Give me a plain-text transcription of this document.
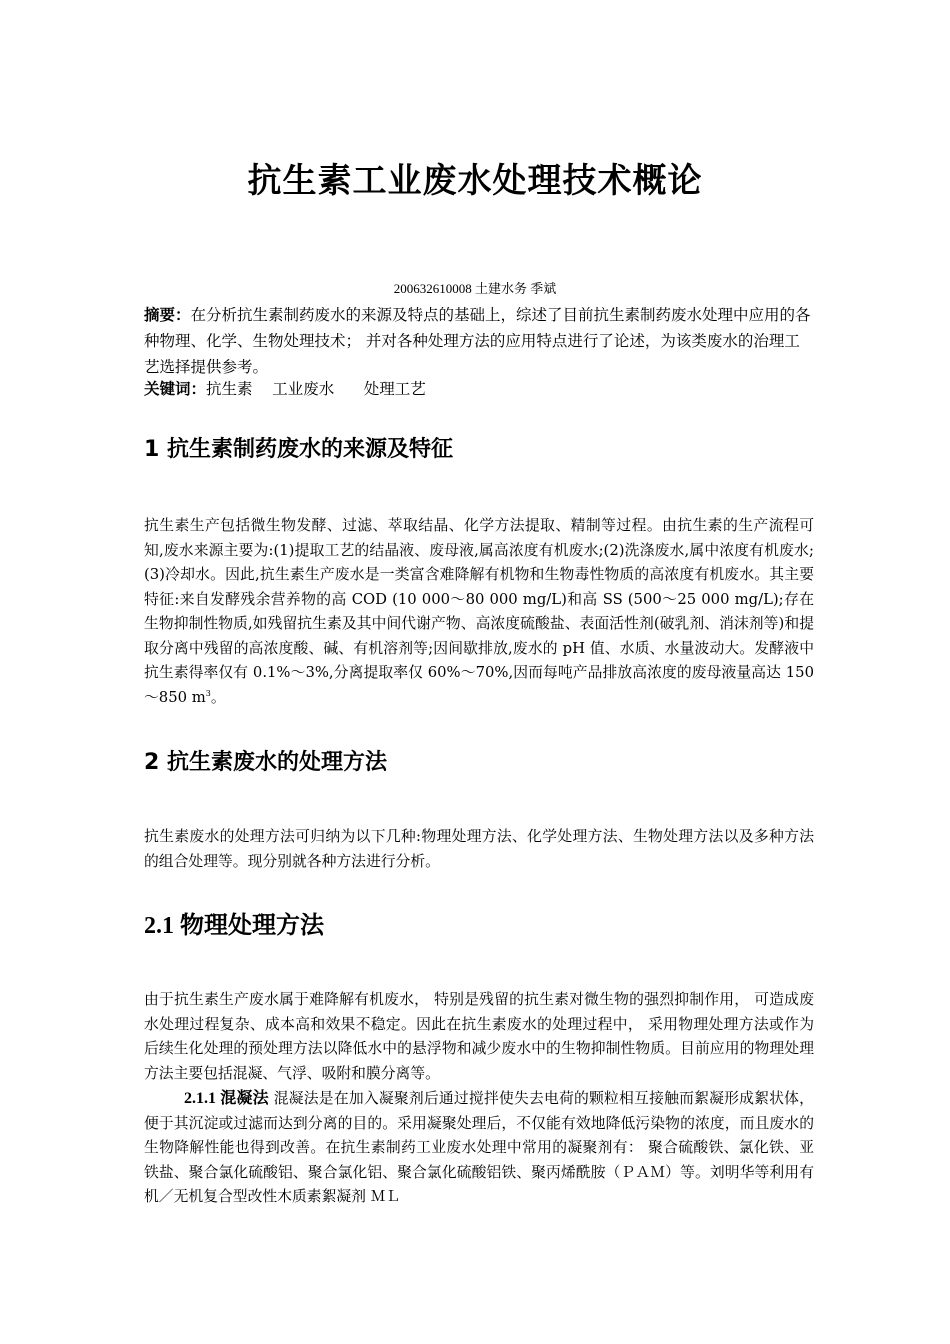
抗生素工业废水处理技术概论
200632610008 土建水务 季斌
摘要：在分析抗生素制药废水的来源及特点的基础上，综述了目前抗生素制药废水处理中应用的各种物理、化学、生物处理技术； 并对各种处理方法的应用特点进行了论述，为该类废水的治理工艺选择提供参考。
关键词：抗生素    工业废水      处理工艺
1 抗生素制药废水的来源及特征
抗生素生产包括微生物发酵、过滤、萃取结晶、化学方法提取、精制等过程。由抗生素的生产流程可知,废水来源主要为:(1)提取工艺的结晶液、废母液,属高浓度有机废水;(2)洗涤废水,属中浓度有机废水;(3)冷却水。因此,抗生素生产废水是一类富含难降解有机物和生物毒性物质的高浓度有机废水。其主要特征:来自发酵残余营养物的高 COD (10 000～80 000 mg/L)和高 SS (500～25 000 mg/L);存在生物抑制性物质,如残留抗生素及其中间代谢产物、高浓度硫酸盐、表面活性剂(破乳剂、消沫剂等)和提取分离中残留的高浓度酸、碱、有机溶剂等;因间歇排放,废水的 pH 值、水质、水量波动大。发酵液中抗生素得率仅有 0.1%～3%,分离提取率仅 60%～70%,因而每吨产品排放高浓度的废母液量高达 150～850 $m^3$。
2 抗生素废水的处理方法
抗生素废水的处理方法可归纳为以下几种:物理处理方法、化学处理方法、生物处理方法以及多种方法的组合处理等。现分别就各种方法进行分析。
2.1 物理处理方法
由于抗生素生产废水属于难降解有机废水， 特别是残留的抗生素对微生物的强烈抑制作用， 可造成废水处理过程复杂、成本高和效果不稳定。因此在抗生素废水的处理过程中， 采用物理处理方法或作为后续生化处理的预处理方法以降低水中的悬浮物和减少废水中的生物抑制性物质。目前应用的物理处理方法主要包括混凝、气浮、吸附和膜分离等。
2.1.1 混凝法 混凝法是在加入凝聚剂后通过搅拌使失去电荷的颗粒相互接触而絮凝形成絮状体，便于其沉淀或过滤而达到分离的目的。采用凝聚处理后，不仅能有效地降低污染物的浓度，而且废水的生物降解性能也得到改善。在抗生素制药工业废水处理中常用的凝聚剂有： 聚合硫酸铁、氯化铁、亚铁盐、聚合氯化硫酸铝、聚合氯化铝、聚合氯化硫酸铝铁、聚丙烯酰胺（ＰＡＭ）等。刘明华等利用有机／无机复合型改性木质素絮凝剂 ＭＬ
